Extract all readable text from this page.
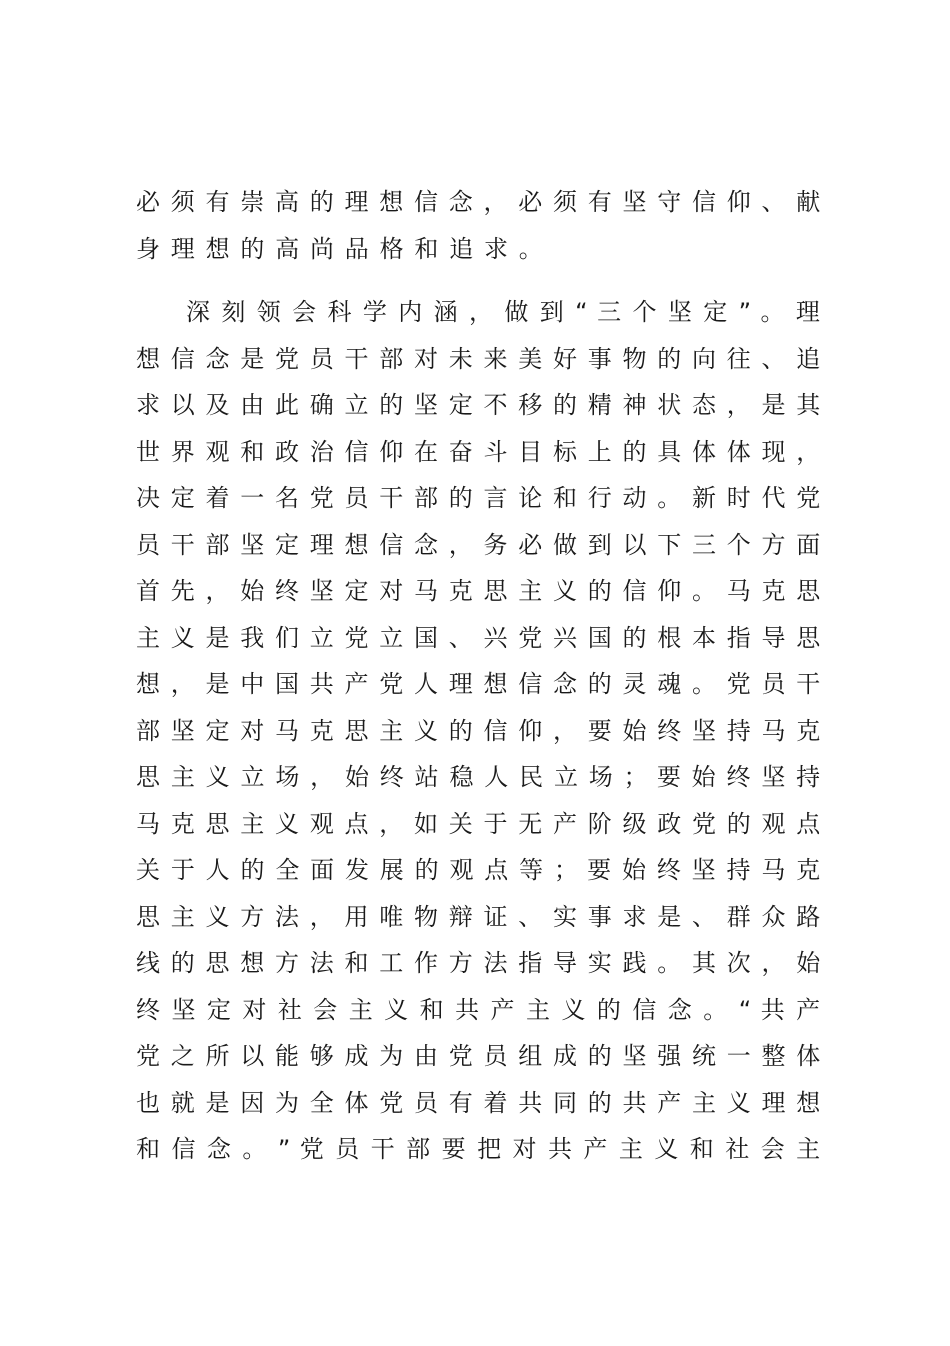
必 须 有 崇 高 的 理 想 信 念 ， 必 须 有 坚 守 信 仰 、 献
身理想的高尚品格和追求。
深 刻 领 会 科 学 内 涵 ， 做 到 “ 三 个 坚 定 ” 。 理
想 信 念 是 党 员 干 部 对 未 来 美 好 事 物 的 向 往 、 追
求 以 及 由 此 确 立 的 坚 定 不 移 的 精 神 状 态 ， 是 其
世 界 观 和 政 治 信 仰 在 奋 斗 目 标 上 的 具 体 体 现 ，
决 定 着 一 名 党 员 干 部 的 言 论 和 行 动 。 新 时 代 党
员 干 部 坚 定 理 想 信 念 ， 务 必 做 到 以 下 三 个 方 面
首 先 ， 始 终 坚 定 对 马 克 思 主 义 的 信 仰 。 马 克 思
主 义 是 我 们 立 党 立 国 、 兴 党 兴 国 的 根 本 指 导 思
想 ， 是 中 国 共 产 党 人 理 想 信 念 的 灵 魂 。 党 员 干
部 坚 定 对 马 克 思 主 义 的 信 仰 ， 要 始 终 坚 持 马 克
思 主 义 立 场 ， 始 终 站 稳 人 民 立 场 ； 要 始 终 坚 持
马 克 思 主 义 观 点 ， 如 关 于 无 产 阶 级 政 党 的 观 点
关 于 人 的 全 面 发 展 的 观 点 等 ； 要 始 终 坚 持 马 克
思 主 义 方 法 ， 用 唯 物 辩 证 、 实 事 求 是 、 群 众 路
线 的 思 想 方 法 和 工 作 方 法 指 导 实 践 。 其 次 ， 始
终 坚 定 对 社 会 主 义 和 共 产 主 义 的 信 念 。 “ 共 产
党 之 所 以 能 够 成 为 由 党 员 组 成 的 坚 强 统 一 整 体
也 就 是 因 为 全 体 党 员 有 着 共 同 的 共 产 主 义 理 想
和 信 念 。 ” 党 员 干 部 要 把 对 共 产 主 义 和 社 会 主
